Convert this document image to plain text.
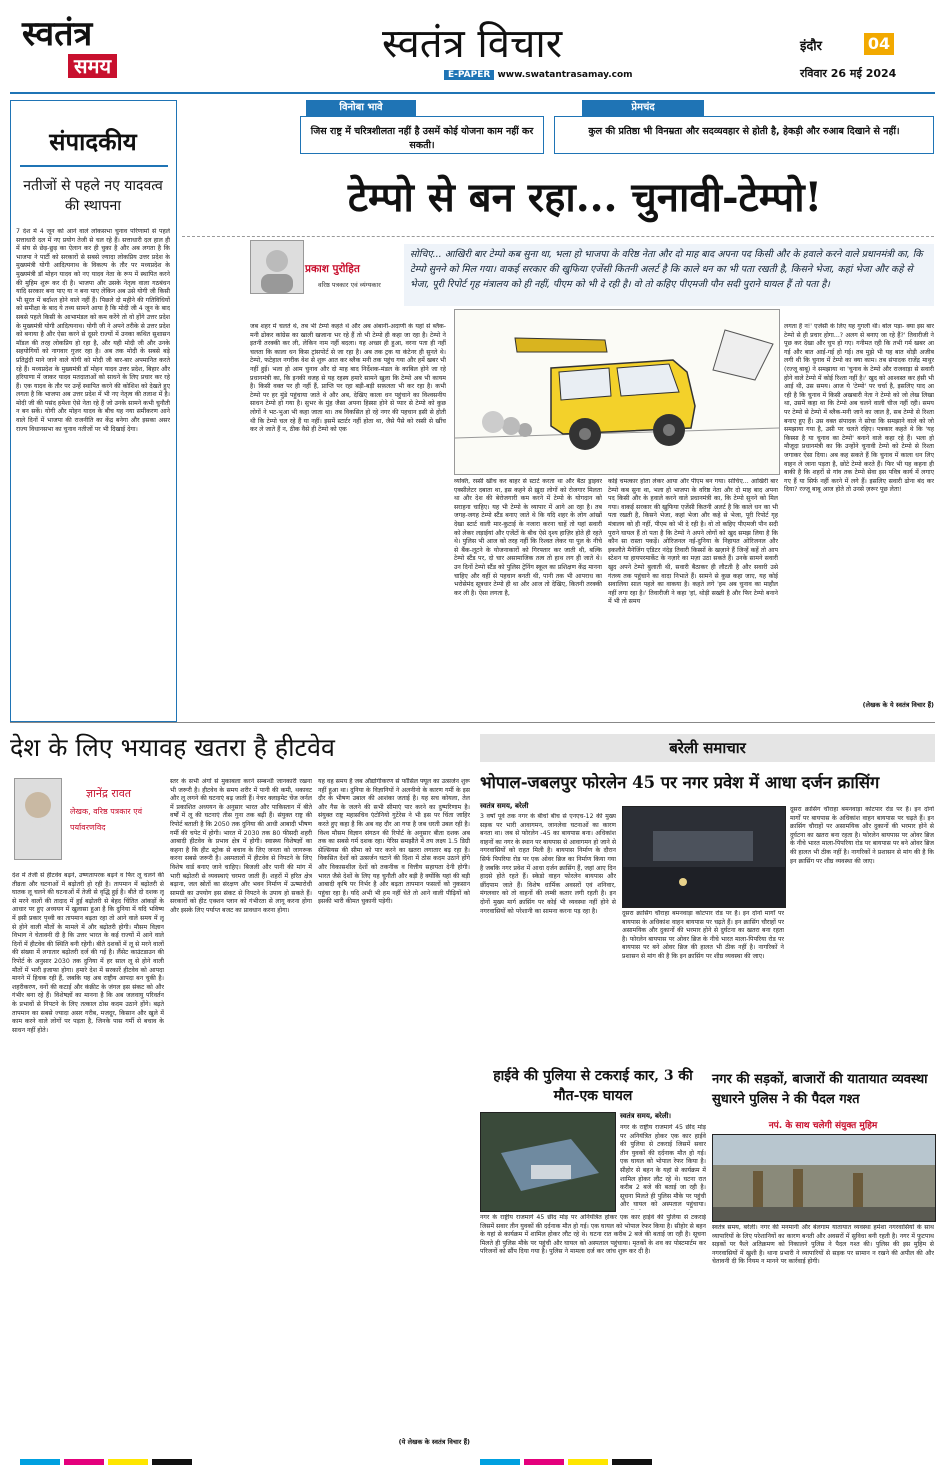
स्वतंत्र
समय	स्वतंत्र विचार
E-PAPER www.swatantrasamay.com
इंदौर	04
रविवार 26 मई 2024
संपादकीय
नतीजों से पहले नए यादवत्व की स्थापना
7 देश में 4 जून को आने वाले लोकसभा चुनाव परिणामों से पहले सत्ताधारी दल में नए प्रयोग तेजी से चल रहे हैं। सत्ताधारी दल हाल ही में संघ से छेड़-छुड़ का ऐलान कर ही चुका है और अब लगता है कि भाजपा ने पार्टी को सरकारों से सबसे ज्यादा लोकप्रिय उत्तर प्रदेश के मुख्यमंत्री योगी आदित्यनाथ के विकल्प के तौर पर मध्यप्रदेश के मुख्यमंत्री डॉ मोहन यादव को नए यादव नेता के रूप में स्थापित करने की मुहिम शुरू कर दी है। भाजपा और उसके नेतृत्व वाला गठबंधन यादि सरकार बना पाए या न बना पाए लेकिन अब उसे योगी जी किसी भी सूरत में बर्दाश्त होने वाले नहीं हैं। पिछले दो महीने की गतिविधियों को समीक्षा के बाद ये तथ्य सामने आया है कि मोदी जी 4 जून के बाद सबसे पहले किसी के आभामंडल को कम करेंगे तो वो होंगे उत्तर प्रदेश के मुख्यमंत्री योगी आदित्यनाथ। योगी जी ने अपने तरीके से उत्तर प्रदेश को बनाया है और ऐसा करने से दूसरे राज्यों में उनका कथित सुशासन मॉडल की तरह लोकप्रिय हो रहा है, और यही मोदी जी और उनके सहयोगियों को नागवार गुजर रहा है। अब तक मोदी के सबसे बड़े प्रतिद्वंदी माने जाने वाले योगी को मोदी जी बार-बार अपमानित करते रहे हैं। मध्यप्रदेश के मुख्यमंत्री डॉ मोहन यादव उत्तर प्रदेश, बिहार और हरियाणा में जाकर यादव मतदाताओं को साधने के लिए प्रचार कर रहे हैं। एक यादव के तौर पर उन्हें स्थापित करने की कोशिश को देखते हुए लगता है कि भाजपा अब उत्तर प्रदेश में भी नए नेतृत्व की तलाश में है। मोदी जी की पसंद हमेशा ऐसे नेता रहे हैं जो उनके सामने कभी चुनौती न बन सकें। योगी और मोहन यादव के बीच यह नया समीकरण आने वाले दिनों में भाजपा की राजनीति का केंद्र बनेगा और इसका असर राज्य विधानसभा का चुनाव नतीजों पर भी दिखाई देगा।
विनोबा भावे
जिस राष्ट्र में चरित्रशीलता नहीं है उसमें कोई योजना काम नहीं कर सकती।
प्रेमचंद
कुल की प्रतिष्ठा भी विनम्रता और सदव्यवहार से होती है, हेकड़ी और रुआब दिखाने से नहीं।
टेम्पो से बन रहा... चुनावी-टेम्पो!
प्रकाश पुरोहित
वरिष्ठ पत्रकार एवं व्यंग्यकार
सोचिए... आखिरी बार टेम्पो कब सुना था, भला हो भाजपा के वरिष्ठ नेता और दो माह बाद अपना पद किसी और के हवाले करने वाले प्रधानमंत्री का, कि टेम्पो सुनने को मिल गया। वाकई सरकार की खुफिया एजेंसी कितनी अलर्ट है कि काले धन का भी पता रखती है, किसने भेजा, कहां भेजा और कहे से भेजा, पूरी रिपोर्ट गृह मंत्रालय को ही नहीं, पीएम को भी दे रही है। वो तो कहिए पीएमजी पौन सदी पुराने घायल हैं तो पता है।
जब शहर में चलते थे, तब भी टेम्पो कहते थे और अब अंबानी-अदाणी के यहां से ब्लैक-मनी ढोकर कांग्रेस का खाली खजाना भर रहे हैं तो भी टेम्पो ही कहा जा रहा है। टेम्पो ने इतनी तरक्की कर ली, लेकिन नाम नहीं बदला। यह अच्छा ही हुआ, वरना पता ही नहीं चलता कि काला धन किस ट्रांसपोर्ट से जा रहा है। अब तक ट्रक या कंटेनर ही सुनते थे। टेम्पो, फटेहाल नगरीक वेश से शुरू आत कर ब्लैक मनी तक पहुंच गया और हमें खबर भी नहीं हुई। भला हो आम चुनाव और दो माह बाद निर्देशक-मंडल के काबिल होने जा रहे प्रधानमंत्री का, कि इनकी वजह से यह रहस्य हमारे सामने खुला कि टेम्पो अब भी कायम है। किसी वक्त पर ही नहीं हैं, प्राप्ति पर रहा बड़ी-बड़ी सफ़लता भी कर रहा है। कभी टेम्पो पर हर मुंडे पहुंचाया जाते थे और अब, देखिए काला धन पहुंचाने का विश्वसनीय साधन टेम्पो हो गया है। सुभर के मुंह जैसा अपना हिस्सा होने से प्यार से टेम्पो को कुछ लोगों ने भट-भुआ भी कहा जाता था। तब विकसित हो रहे नगर की पहचान इसी से होती थी कि टेम्पो चल रहे हैं या नहीं। इसमें स्टार्टर नहीं होता था, जैसे पैसे को रस्सी से खींच कर ले जाते हैं न, ठीक वैसे ही टेम्पो को एक
व्यक्ति, रस्सी खींच कर बाहर से स्टार्ट करता था और बैठा ड्राइवर एक्सीलेटर दबाता था, इस कहने से ख़ुदा लोगों को रोजगार मिलता था और देश की बेरोजगारी कम करने में टेम्पो के योगदान को सराहना चाहिए। यह भी टेम्पो के व्यापार में आगे आ रहा है। तब जगह-जगह टेम्पो स्टैंड बनाए जाते थे कि यदि शहर के लोग आंखों देखा स्टार्ट वाली मार-कुटाई के नजारा करना चाहें तो यहां सवारी को लेकर लड़ाईयां और एजेंटों के बीच ऐसे दृश्य हाज़िर होते ही रहते थे। पुलिस भी आज को तरह नहीं कि रिश्वत लेकर या पूल के नीचे से बैंक-लूटने के योजनाकारों को गिरफ्तार कर जाती थी, बल्कि टेम्पो स्टैंड पर, दो चार असामाजिक तत्व तो हाथ लग ही जाते थे। उन दिनों टेम्पो स्टैंड को पुलिस ट्रेनिंग स्कूल का प्रशिक्षण केंद्र मानना चाहिए और वहीं से पहचान बनती थी, पानी तक भी आपराध का भरोसेमंद सूत्रधार टेम्पो ही था और आज तो देखिए, कितनी तरक्की कर ली है। ऐसा लगता है,
कोई चमत्कार होता लेकर आया और पीएम बन गया। सोचिए... आखिरी बार टेम्पो कब सुना था, भला हो भाजपा के वरिष्ठ नेता और दो माह बाद अपना पद किसी और के हवाले करने वाले प्रधानमंत्री का, कि टेम्पो सुनने को मिल गया। वाकई सरकार की खुफिया एजेंसी कितनी अलर्ट है कि काले धन का भी पता रखती है, किसने भेजा, कहां भेजा और कहे से भेजा, पूरी रिपोर्ट गृह मंत्रालय को ही नहीं, पीएम को भी दे रही है। वो तो कहिए पीएमजी पौन सदी पुराने घायल हैं तो पता है कि टेम्पो ने अपने लोगों को खुद समझ लिया है कि कौन सा रास्ता पकड़ें। ओरिजनल नई-दुनिया के निहायत ओरिजनल और इकलौते मैनेजिंग एडिटर नंदेड़ तिवारी किस्सों के खज़ाने हैं जिन्हें कहें तो आप स्टेशन या हायपरमार्केट के नज़ारे का मज़ा उठा सकते हैं। उनके सामने सवारी खुद अपने टेम्पो बुलाती थी, सवारी बैठाकर ही लौटती है और सवारी उसे गंतव्य तक पहुंचाने का वादा निभाते हैं। सामने से कुछ कहा जाए, यह कोई सवालिया साल पहले का वाकया है। कहते लगे 'हम अब चुनाव का माहौल नहीं लगा रहा है।' तिवारीजी ने कहा 'हां, थोड़ी सख्ती है और फिर टेम्पो बनाने में भी तो समय
लगता है न!' एजेंसी के लिए यह गुगली थी। बोल पड़ा- क्या इस बार टेम्पो से ही प्रचार होगा...? अलग से बनाए जा रहे हैं?' तिवारीजी ने पूछ कर देखा और चुप हो गए। गनीमत रही कि तभी गर्म खबर आ गई और बात आई-गई हो गई। तब मुझे भी यह बात थोड़ी अजीब लगी थी कि चुनाव में टेम्पो का क्या काम। तब संपादक राजेंद्र माथुर (रज्जू बाबू) ने समझाया था 'चुनाव के टेम्पो और राजवाड़ा से सवारी होने वाले टेम्पो में कोई रिश्ता नहीं है।' खुद को आश्वस्त कर हंसी भी आई थी, उस समय। आज ये 'टेम्पो' पर चर्चा है, इसलिए याद आ रही है कि चुनाव में किसी अखबारी नेता ने टेम्पो को जो लेख लिखा था, उसमें कहा था कि टेम्पो अब चलने वाली चीज नहीं रही। समय पर टेम्पो से टेम्पो में ब्लैक-मनी जाने का जाल है, सब टेम्पो से रिश्ता बनाए हुए हैं। उस वक्त संपादक ने सोचा कि समझाने वाले को जो समझाया गया है, उसी पर चलते रहिए। पत्रकार कहते थे कि 'यह किस्सा है या चुनाव का टेम्पो' बनाने वाले कहा रहे हैं। भला हो मौजूदा प्रधानमंत्री का कि उन्होंने चुनावी टेम्पो को टेम्पो से रिश्ता जगाकर ऐसा दिया। अब कह सकते हैं कि चुनाव में काला धन लिए वाहन ले जाना पड़ता है, छोटे टेम्पो करते हैं। फिर भी यह कहना ही बाकी है कि शहरों से गांव तक टेम्पो सेवा इस पवित्र कार्य में लगाए गए हैं या सिर्फ नहीं करने में लगे हैं। इसलिए सवारी ढोना बंद कर दिया? रज्जू बाबू आज होते तो उनसे ज़रूर पूछ लेता!
(लेखक के ये स्वतंत्र विचार हैं)
देश के लिए भयावह खतरा है हीटवेव
ज्ञानेंद्र रावत
लेखक, वरिष्ठ पत्रकार एवं पर्यावरणविद
देश में तेजी से हीटवेव बढ़ने, उष्णतापरक बढ़ने व फिर लू चलने की तीव्रता और घटनाओं में बढ़ोतरी हो रही है। तापमान में बढ़ोतरी से घातक लू चलने की घटनाओं में तेजी से वृद्धि हुई है। बीते दो दशक लू से मरने वालों की तादाद में हुई बढ़ोतरी से बेहद चिंतित आंकड़ों के आधार पर हुए अध्ययन में खुलासा हुआ है कि दुनिया में यदि भविष्य में इसी प्रकार पृथ्वी का तापमान बढ़ता रहा तो आने वाले समय में लू से होने वाली मौतों के मामले में और बढ़ोतरी होगी। मौसम विज्ञान विभाग ने चेतावनी दी है कि उत्तर भारत के कई राज्यों में आने वाले दिनों में हीटवेव की स्थिति बनी रहेगी। बीते दशकों में लू से मरने वालों की संख्या में लगातार बढ़ोतरी दर्ज की गई है। लैंसेट काउंटडाउन की रिपोर्ट के अनुसार 2030 तक दुनिया में हर साल लू से होने वाली मौतों में भारी इजाफा होगा। हमारे देश में सरकारें हीटवेव को आपदा मानने में हिचक रही हैं, जबकि यह अब राष्ट्रीय आपदा बन चुकी है। शहरीकरण, वनों की कटाई और कंक्रीट के जंगल इस संकट को और गंभीर बना रहे हैं। विशेषज्ञों का मानना है कि अब जलवायु परिवर्तन के प्रभावों से निपटने के लिए तत्काल ठोस कदम उठाने होंगे। बढ़ते तापमान का सबसे ज्यादा असर गरीब, मजदूर, किसान और खुले में काम करने वाले लोगों पर पड़ता है, जिनके पास गर्मी से बचाव के साधन नहीं होते।
स्तर के सभी अंगों से मुकाबला करने सम्बन्धी जानकारी रखना भी जरूरी है। हीटवेव के समय शरीर में पानी की कमी, थकावट और लू लगने की घटनाएं बढ़ जाती हैं। नेचर क्लाइमेट चेंज जर्नल में प्रकाशित अध्ययन के अनुसार भारत और पाकिस्तान में बीते वर्षों में लू की घटनाएं तीस गुना तक बढ़ी हैं। संयुक्त राष्ट्र की रिपोर्ट बताती है कि 2050 तक दुनिया की आधी आबादी भीषण गर्मी की चपेट में होगी। भारत में 2030 तक 80 फीसदी शहरी आबादी हीटवेव के प्रभाव क्षेत्र में होगी। स्वास्थ्य विशेषज्ञों का कहना है कि हीट स्ट्रोक से बचाव के लिए जनता को जागरूक करना सबसे जरूरी है। अस्पतालों में हीटवेव से निपटने के लिए विशेष वार्ड बनाए जाने चाहिए। बिजली और पानी की मांग में भारी बढ़ोतरी से व्यवस्थाएं चरमरा जाती हैं। शहरों में हरित क्षेत्र बढ़ाना, जल स्रोतों का संरक्षण और भवन निर्माण में ऊष्मारोधी सामग्री का उपयोग इस संकट से निपटने के उपाय हो सकते हैं। सरकारों को हीट एक्शन प्लान को गंभीरता से लागू करना होगा और इसके लिए पर्याप्त बजट का प्रावधान करना होगा।
यह वह समय है जब औद्योगीकरण से फॉसिल फ्यूल का उत्सर्जन शुरू नहीं हुआ था। दुनिया के विज्ञानियों ने अलनीनो के कारण गर्मी के इस दौर के भीषण उबाल की आशंका जताई है। यह सच कोयला, तेल और गैस के जलने की सभी सीमाएं पार करने का दुष्परिणाम है। संयुक्त राष्ट्र महासचिव एंटोनियो गुटेरेस ने भी इस पर चिंता जाहिर करते हुए कहा है कि अब वह दौर आ गया है जब धरती उबल रही है। विश्व मौसम विज्ञान संगठन की रिपोर्ट के अनुसार बीता दशक अब तक का सबसे गर्म दशक रहा। पेरिस समझौते में तय लक्ष्य 1.5 डिग्री सेल्सियस की सीमा को पार करने का खतरा लगातार बढ़ रहा है। विकसित देशों को उत्सर्जन घटाने की दिशा में ठोस कदम उठाने होंगे और विकासशील देशों को तकनीक व वित्तीय सहायता देनी होगी। भारत जैसे देशों के लिए यह चुनौती और बड़ी है क्योंकि यहां की बड़ी आबादी कृषि पर निर्भर है और बढ़ता तापमान फसलों को नुकसान पहुंचा रहा है। यदि अभी भी हम नहीं चेते तो आने वाली पीढ़ियों को इसकी भारी कीमत चुकानी पड़ेगी।
(ये लेखक के स्वतंत्र विचार हैं)
बरेली समाचार
भोपाल-जबलपुर फोरलेन 45 पर नगर प्रवेश में आधा दर्जन क्रासिंग
स्वतंत्र समय, बरेली
3 वर्षों पूर्व तक नगर के बीचों बीच से एनएच-12 की मुख्य सड़क पर भारी आवागमन, जानलेवा घटनाओं का कारण बनता था। जब से फोरलेन -45 का बायपास बना। अधिकांश वाहनों का नगर के स्थान पर बायपास से आवागमन हो जाने से नगरवासियों को राहत मिली है। बायपास निर्माण के दौरान सिर्फ पिपरिया रोड पर एक ओवर ब्रिज का निर्माण किया गया है जबकि नगर प्रवेश में आधा दर्जन क्रासिंग हैं, जहां आए दिन हादसे होते रहते हैं। स्केडो वाहन फोरलेन बायपास और छींदपाम जाते हैं। विशेष धार्मिक अवसरों एवं शनिवार, मंगलवार को तो वाहनों की लम्बी कतार लगी रहती है। इन दोनों मुख्य मार्ग क्रासिंग पर कोई भी व्यवस्था नहीं होने से नगरवासियों को परेशानी का सामना करना पड़ रहा है।	दूसरा क्रासिंग चौराहा बमनवाड़ा कोटपार रोड पर है। इन दोनों मार्गों पर बायपास के अधिकांश वाहन बायपास पर चढ़ते हैं। इन क्रासिंग चौराहों पर असामयिक और दुकानों की भरमार होने से दुर्घटना का खतरा बना रहता है। फोरलेन बायपास पर ओवर ब्रिज के नीचे भारत माला-पिपरिया रोड पर बायपास पर बने ओवर ब्रिज की हालत भी ठीक नहीं है। नागरिकों ने प्रशासन से मांग की है कि इन क्रासिंग पर शीघ्र व्यवस्था की जाए।
दूसरा क्रासिंग चौराहा बमनवाड़ा कोटपार रोड पर है। इन दोनों मार्गों पर बायपास के अधिकांश वाहन बायपास पर चढ़ते हैं। इन क्रासिंग चौराहों पर असामयिक और दुकानों की भरमार होने से दुर्घटना का खतरा बना रहता है। फोरलेन बायपास पर ओवर ब्रिज के नीचे भारत माला-पिपरिया रोड पर बायपास पर बने ओवर ब्रिज की हालत भी ठीक नहीं है। नागरिकों ने प्रशासन से मांग की है कि इन क्रासिंग पर शीघ्र व्यवस्था की जाए।
हाईवे की पुलिया से टकराई कार, 3 की मौत-एक घायल
स्वतंत्र समय, बरेली।
नगर के राष्ट्रीय राजमार्ग 45 छींद मोड़ पर अनियंत्रित होकर एक कार हाईवे की पुलिया से टकराई जिसमें सवार तीन युवकों की दर्दनाक मौत हो गई। एक घायल को भोपाल रेफर किया है। सीहोर से बहन के यहां से कार्यक्रम में शामिल होकर लौट रहे थे। घटना रात करीब 2 बजे की बताई जा रही है। सूचना मिलते ही पुलिस मौके पर पहुंची और घायल को अस्पताल पहुंचाया।
नगर के राष्ट्रीय राजमार्ग 45 छींद मोड़ पर अनियंत्रित होकर एक कार हाईवे की पुलिया से टकराई जिसमें सवार तीन युवकों की दर्दनाक मौत हो गई। एक घायल को भोपाल रेफर किया है। सीहोर से बहन के यहां से कार्यक्रम में शामिल होकर लौट रहे थे। घटना रात करीब 2 बजे की बताई जा रही है। सूचना मिलते ही पुलिस मौके पर पहुंची और घायल को अस्पताल पहुंचाया। मृतकों के शव का पोस्टमार्टम कर परिजनों को सौंप दिया गया है। पुलिस ने मामला दर्ज कर जांच शुरू कर दी है।
नगर की सड़कों, बाजारों की यातायात व्यवस्था सुधारने पुलिस ने की पैदल गश्त
नपं. के साथ चलेगी संयुक्त मुहिम
स्वतंत्र समय, बरेली। नगर की मनमानी और बेलगाम यातायात व्यवस्था हमेशा नगरवासियों के साथ व्यापारियों के लिए परेशानियों का कारण बनती और अवसरों में सुविधा बनी रहती है। नगर में फुटपाथ सड़कों पर फैले अतिक्रमण को निकालने पुलिस ने पैदल गश्त की। पुलिस की इस मुहिम से नगरवासियों में खुशी है। थाना प्रभारी ने व्यापारियों से सड़क पर सामान न रखने की अपील की और चेतावनी दी कि नियम न मानने पर कार्रवाई होगी।
